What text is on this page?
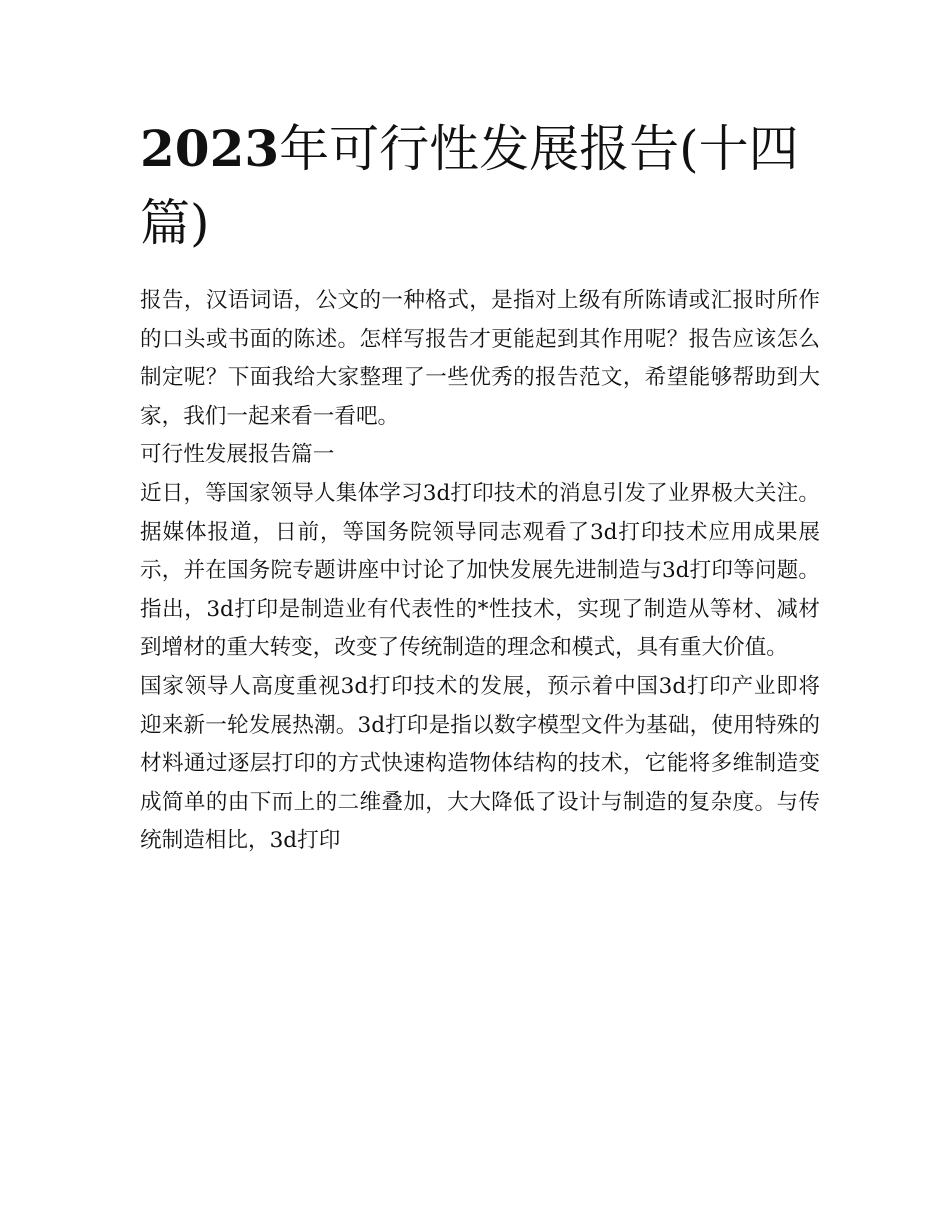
2023年可行性发展报告(十四篇)

报告，汉语词语，公文的一种格式，是指对上级有所陈请或汇报时所作的口头或书面的陈述。怎样写报告才更能起到其作用呢？报告应该怎么制定呢？下面我给大家整理了一些优秀的报告范文，希望能够帮助到大家，我们一起来看一看吧。

可行性发展报告篇一

近日，等国家领导人集体学习3d打印技术的消息引发了业界极大关注。据媒体报道，日前，等国务院领导同志观看了3d打印技术应用成果展示，并在国务院专题讲座中讨论了加快发展先进制造与3d打印等问题。指出，3d打印是制造业有代表性的*性技术，实现了制造从等材、减材到增材的重大转变，改变了传统制造的理念和模式，具有重大价值。

国家领导人高度重视3d打印技术的发展，预示着中国3d打印产业即将迎来新一轮发展热潮。3d打印是指以数字模型文件为基础，使用特殊的材料通过逐层打印的方式快速构造物体结构的技术，它能将多维制造变成简单的由下而上的二维叠加，大大降低了设计与制造的复杂度。与传统制造相比，3d打印
